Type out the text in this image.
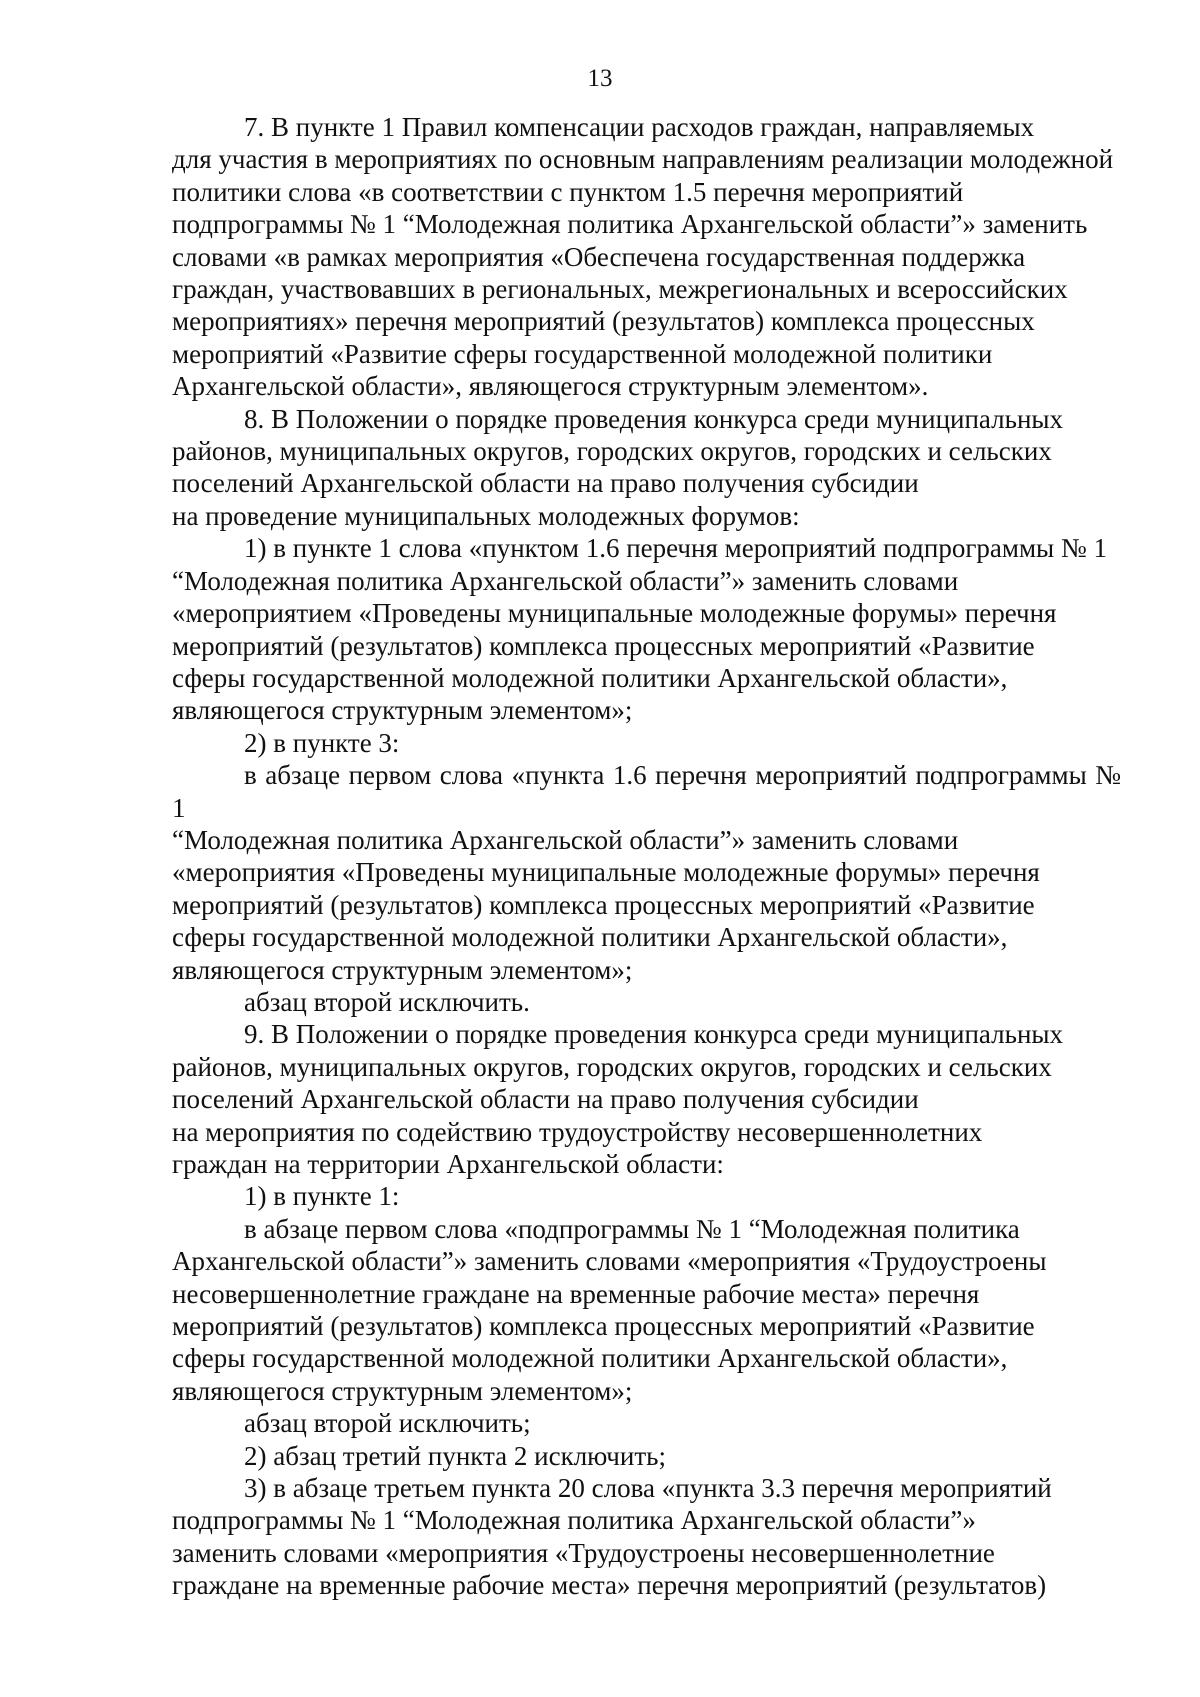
13

7. В пункте 1 Правил компенсации расходов граждан, направляемых
для участия в мероприятиях по основным направлениям реализации молодежной
политики слова «в соответствии с пунктом 1.5 перечня мероприятий
подпрограммы № 1 “Молодежная политика Архангельской области”» заменить
словами «в рамках мероприятия «Обеспечена государственная поддержка
граждан, участвовавших в региональных, межрегиональных и всероссийских
мероприятиях» перечня мероприятий (результатов) комплекса процессных
мероприятий «Развитие сферы государственной молодежной политики
Архангельской области», являющегося структурным элементом».

8. В Положении о порядке проведения конкурса среди муниципальных
районов, муниципальных округов, городских округов, городских и сельских
поселений Архангельской области на право получения субсидии
на проведение муниципальных молодежных форумов:

1) в пункте 1 слова «пунктом 1.6 перечня мероприятий подпрограммы № 1
“Молодежная политика Архангельской области”» заменить словами
«мероприятием «Проведены муниципальные молодежные форумы» перечня
мероприятий (результатов) комплекса процессных мероприятий «Развитие
сферы государственной молодежной политики Архангельской области»,
являющегося структурным элементом»;

2) в пункте 3:

в абзаце первом слова «пункта 1.6 перечня мероприятий подпрограммы № 1
“Молодежная политика Архангельской области”» заменить словами
«мероприятия «Проведены муниципальные молодежные форумы» перечня
мероприятий (результатов) комплекса процессных мероприятий «Развитие
сферы государственной молодежной политики Архангельской области»,
являющегося структурным элементом»;

абзац второй исключить.

9. В Положении о порядке проведения конкурса среди муниципальных
районов, муниципальных округов, городских округов, городских и сельских
поселений Архангельской области на право получения субсидии
на мероприятия по содействию трудоустройству несовершеннолетних
граждан на территории Архангельской области:

1) в пункте 1:

в абзаце первом слова «подпрограммы № 1 “Молодежная политика
Архангельской области”» заменить словами «мероприятия «Трудоустроены
несовершеннолетние граждане на временные рабочие места» перечня
мероприятий (результатов) комплекса процессных мероприятий «Развитие
сферы государственной молодежной политики Архангельской области»,
являющегося структурным элементом»;

абзац второй исключить;

2) абзац третий пункта 2 исключить;

3) в абзаце третьем пункта 20 слова «пункта 3.3 перечня мероприятий
подпрограммы № 1 “Молодежная политика Архангельской области”»
заменить словами «мероприятия «Трудоустроены несовершеннолетние
граждане на временные рабочие места» перечня мероприятий (результатов)
